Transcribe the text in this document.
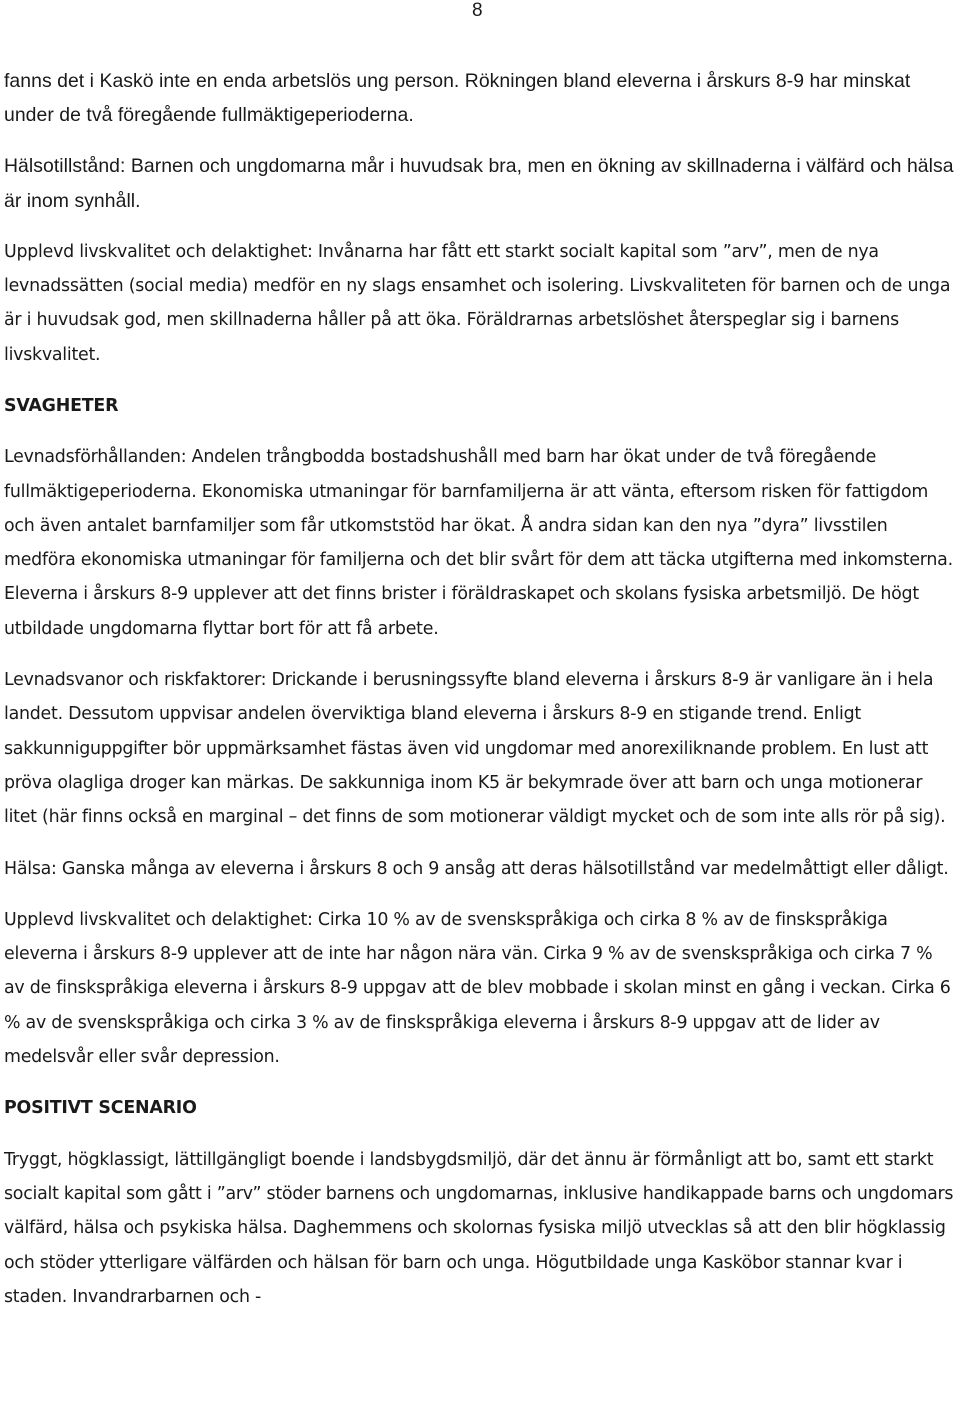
8

fanns det i Kaskö inte en enda arbetslös ung person. Rökningen bland eleverna i årskurs 8-9 har minskat under de två föregående fullmäktigeperioderna.

Hälsotillstånd: Barnen och ungdomarna mår i huvudsak bra, men en ökning av skillnaderna i välfärd och hälsa är inom synhåll.

Upplevd livskvalitet och delaktighet: Invånarna har fått ett starkt socialt kapital som ”arv”, men de nya levnadssätten (social media) medför en ny slags ensamhet och isolering. Livskvaliteten för barnen och de unga är i huvudsak god, men skillnaderna håller på att öka. Föräldrarnas arbetslöshet återspeglar sig i barnens livskvalitet.

SVAGHETER

Levnadsförhållanden: Andelen trångbodda bostadshushåll med barn har ökat under de två föregående fullmäktigeperioderna. Ekonomiska utmaningar för barnfamiljerna är att vänta, eftersom risken för fattigdom och även antalet barnfamiljer som får utkomststöd har ökat. Å andra sidan kan den nya ”dyra” livsstilen medföra ekonomiska utmaningar för familjerna och det blir svårt för dem att täcka utgifterna med inkomsterna. Eleverna i årskurs 8-9 upplever att det finns brister i föräldraskapet och skolans fysiska arbetsmiljö. De högt utbildade ungdomarna flyttar bort för att få arbete.

Levnadsvanor och riskfaktorer: Drickande i berusningssyfte bland eleverna i årskurs 8-9 är vanligare än i hela landet. Dessutom uppvisar andelen överviktiga bland eleverna i årskurs 8-9 en stigande trend. Enligt sakkunniguppgifter bör uppmärksamhet fästas även vid ungdomar med anorexiliknande problem. En lust att pröva olagliga droger kan märkas. De sakkunniga inom K5 är bekymrade över att barn och unga motionerar litet (här finns också en marginal – det finns de som motionerar väldigt mycket och de som inte alls rör på sig).

Hälsa: Ganska många av eleverna i årskurs 8 och 9 ansåg att deras hälsotillstånd var medelmåttigt eller dåligt.

Upplevd livskvalitet och delaktighet: Cirka 10 % av de svenskspråkiga och cirka 8 % av de finskspråkiga eleverna i årskurs 8-9 upplever att de inte har någon nära vän. Cirka 9 % av de svenskspråkiga och cirka 7 % av de finskspråkiga eleverna i årskurs 8-9 uppgav att de blev mobbade i skolan minst en gång i veckan. Cirka 6 % av de svenskspråkiga och cirka 3 % av de finskspråkiga eleverna i årskurs 8-9 uppgav att de lider av medelsvår eller svår depression.

POSITIVT SCENARIO

Tryggt, högklassigt, lättillgängligt boende i landsbygdsmiljö, där det ännu är förmånligt att bo, samt ett starkt socialt kapital som gått i ”arv” stöder barnens och ungdomarnas, inklusive handikappade barns och ungdomars välfärd, hälsa och psykiska hälsa. Daghemmens och skolornas fysiska miljö utvecklas så att den blir högklassig och stöder ytterligare välfärden och hälsan för barn och unga. Högutbildade unga Kasköbor stannar kvar i staden. Invandrarbarnen och -
